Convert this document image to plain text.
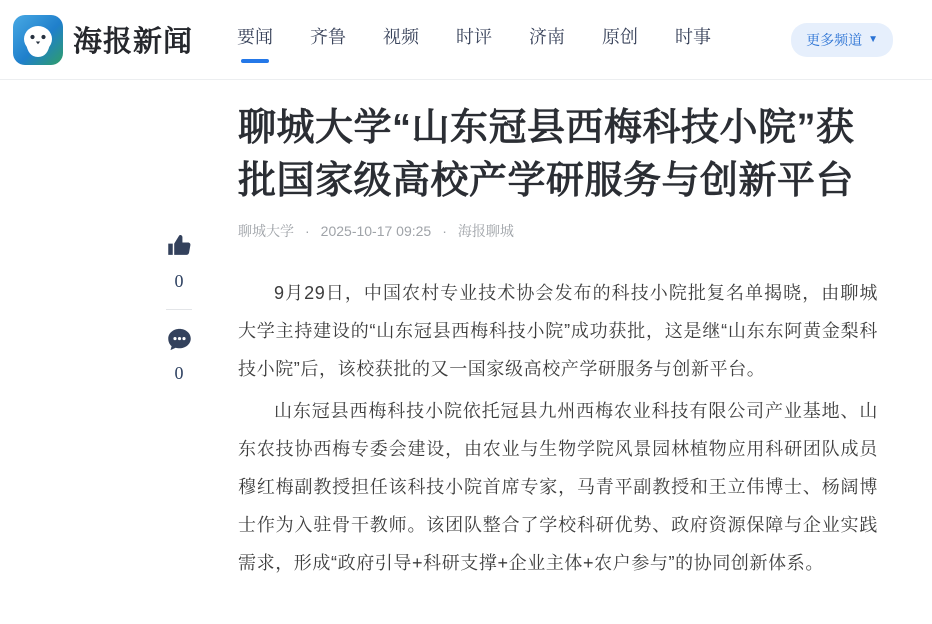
海报新闻 要闻 齐鲁 视频 时评 济南 原创 时事	更多频道 ▼
0
0
聊城大学“山东冠县西梅科技小院”获批国家级高校产学研服务与创新平台
聊城大学 · 2025-10-17 09:25 · 海报聊城

9月29日，中国农村专业技术协会发布的科技小院批复名单揭晓，由聊城大学主持建设的“山东冠县西梅科技小院”成功获批，这是继“山东东阿黄金梨科技小院”后，该校获批的又一国家级高校产学研服务与创新平台。

山东冠县西梅科技小院依托冠县九州西梅农业科技有限公司产业基地、山东农技协西梅专委会建设，由农业与生物学院风景园林植物应用科研团队成员穆红梅副教授担任该科技小院首席专家，马青平副教授和王立伟博士、杨阔博士作为入驻骨干教师。该团队整合了学校科研优势、政府资源保障与企业实践需求，形成“政府引导+科研支撑+企业主体+农户参与”的协同创新体系。
